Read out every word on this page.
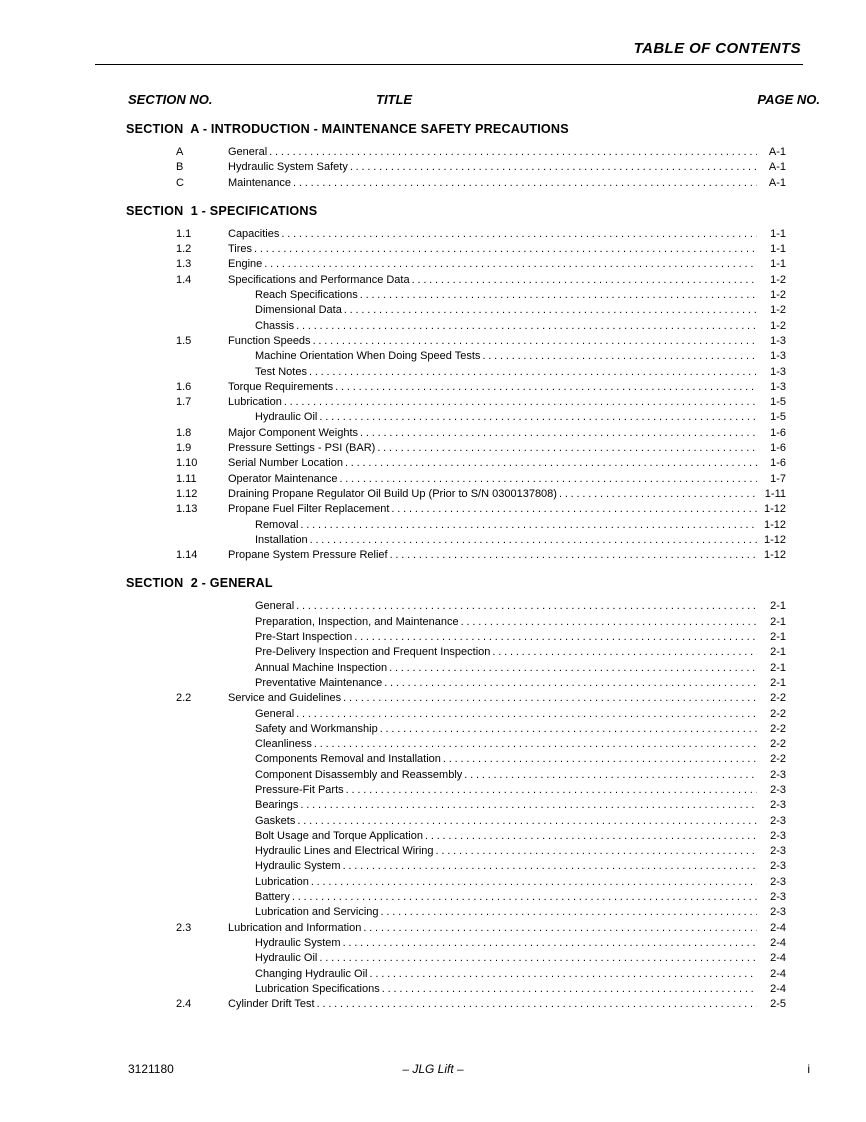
TABLE OF CONTENTS
SECTION NO.	TITLE	PAGE NO.
SECTION  A - INTRODUCTION - MAINTENANCE SAFETY PRECAUTIONS
A	General .....	A-1
B	Hydraulic System Safety .....	A-1
C	Maintenance .....	A-1
SECTION  1 - SPECIFICATIONS
1.1	Capacities .....	1-1
1.2	Tires .....	1-1
1.3	Engine .....	1-1
1.4	Specifications and Performance Data .....	1-2
Reach Specifications .....	1-2
Dimensional Data .....	1-2
Chassis .....	1-2
1.5	Function Speeds .....	1-3
Machine Orientation When Doing Speed Tests .....	1-3
Test Notes .....	1-3
1.6	Torque Requirements .....	1-3
1.7	Lubrication .....	1-5
Hydraulic Oil .....	1-5
1.8	Major Component Weights .....	1-6
1.9	Pressure Settings - PSI (BAR) .....	1-6
1.10	Serial Number Location .....	1-6
1.11	Operator Maintenance .....	1-7
1.12	Draining Propane Regulator Oil Build Up (Prior to S/N 0300137808) .....	1-11
1.13	Propane Fuel Filter Replacement .....	1-12
Removal .....	1-12
Installation .....	1-12
1.14	Propane System Pressure Relief .....	1-12
SECTION  2 - GENERAL
General .....	2-1
Preparation, Inspection, and Maintenance .....	2-1
Pre-Start Inspection .....	2-1
Pre-Delivery Inspection and Frequent Inspection .....	2-1
Annual Machine Inspection .....	2-1
Preventative Maintenance .....	2-1
2.2	Service and Guidelines .....	2-2
General .....	2-2
Safety and Workmanship .....	2-2
Cleanliness .....	2-2
Components Removal and Installation .....	2-2
Component Disassembly and Reassembly .....	2-3
Pressure-Fit Parts .....	2-3
Bearings .....	2-3
Gaskets .....	2-3
Bolt Usage and Torque Application .....	2-3
Hydraulic Lines and Electrical Wiring .....	2-3
Hydraulic System .....	2-3
Lubrication .....	2-3
Battery .....	2-3
Lubrication and Servicing .....	2-3
2.3	Lubrication and Information .....	2-4
Hydraulic System .....	2-4
Hydraulic Oil .....	2-4
Changing Hydraulic Oil .....	2-4
Lubrication Specifications .....	2-4
2.4	Cylinder Drift Test .....	2-5
3121180	– JLG Lift –	i
